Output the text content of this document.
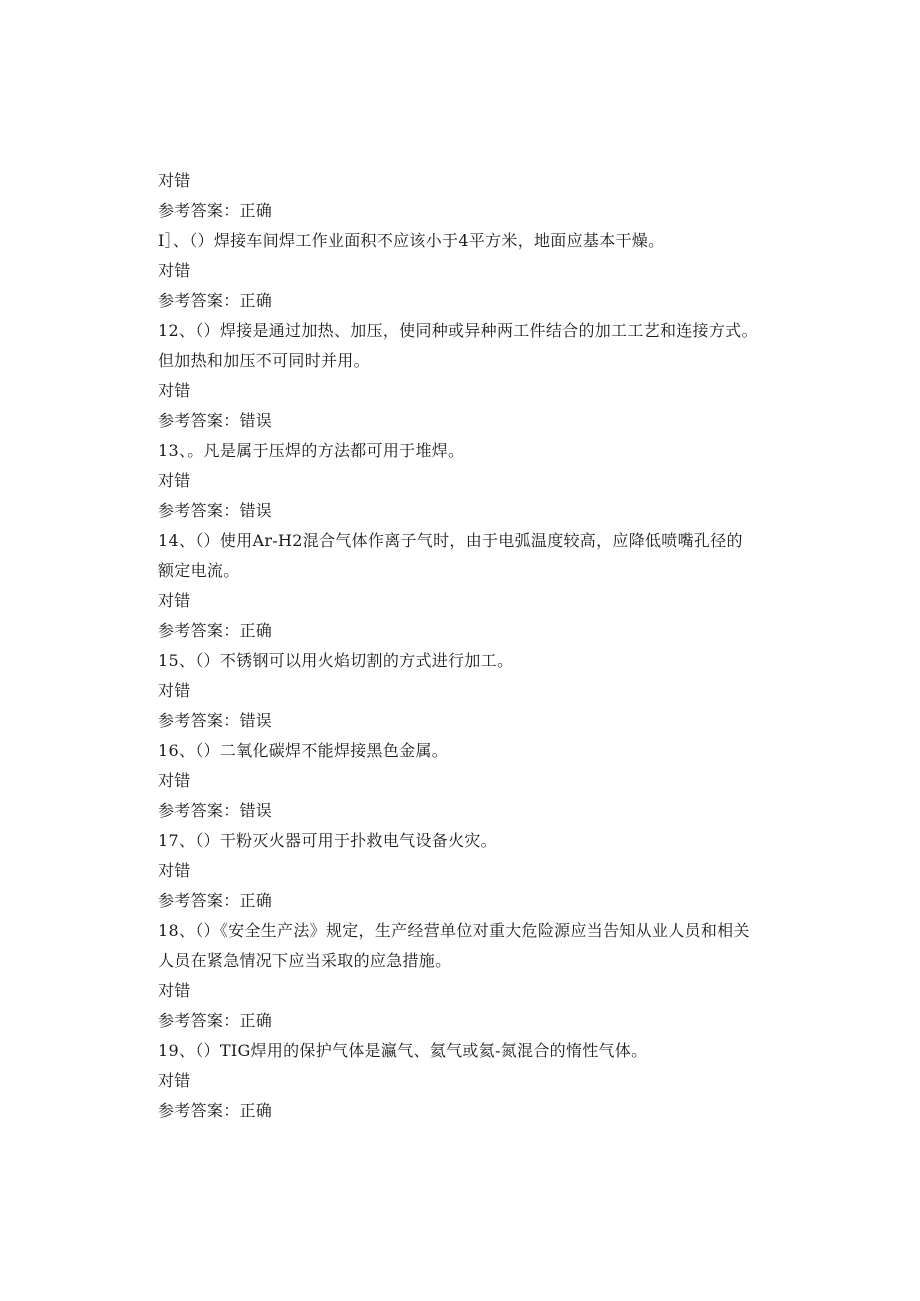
对错
参考答案：正确
I］、（）焊接车间焊工作业面积不应该小于4平方米，地面应基本干燥。
对错
参考答案：正确
12、（）焊接是通过加热、加压，使同种或异种两工件结合的加工工艺和连接方式。但加热和加压不可同时并用。
对错
参考答案：错误
13、。凡是属于压焊的方法都可用于堆焊。
对错
参考答案：错误
14、（）使用Ar-H2混合气体作离子气时，由于电弧温度较高，应降低喷嘴孔径的额定电流。
对错
参考答案：正确
15、（）不锈钢可以用火焰切割的方式进行加工。
对错
参考答案：错误
16、（）二氧化碳焊不能焊接黑色金属。
对错
参考答案：错误
17、（）干粉灭火器可用于扑救电气设备火灾。
对错
参考答案：正确
18、（）《安全生产法》规定，生产经营单位对重大危险源应当告知从业人员和相关人员在紧急情况下应当采取的应急措施。
对错
参考答案：正确
19、（）TIG焊用的保护气体是瀛气、氦气或氦-氮混合的惰性气体。
对错
参考答案：正确
